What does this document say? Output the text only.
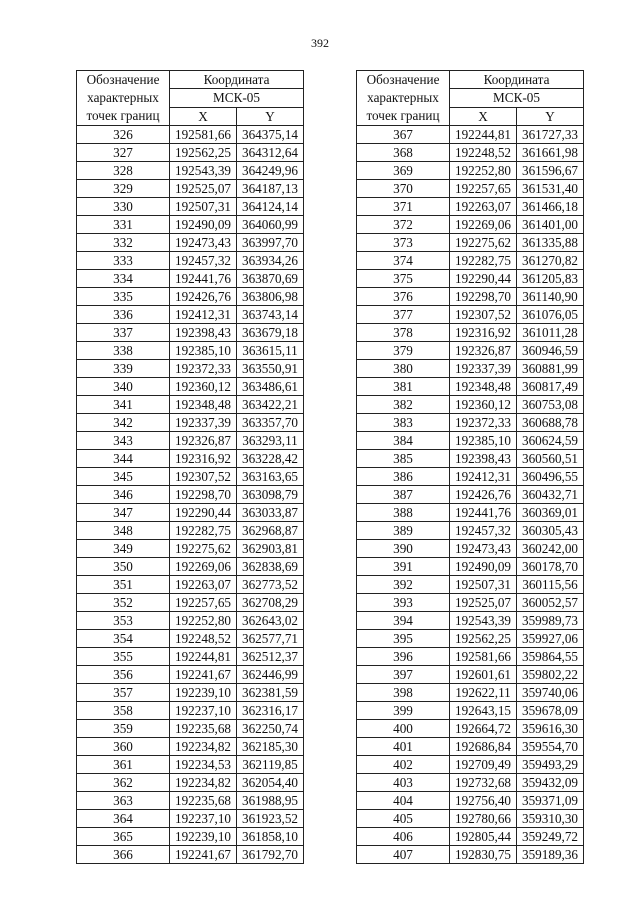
392
Обозначение
характерных
точек границ	Координата	
	МСК-05	
	X	Y
326	192581,66	364375,14
327	192562,25	364312,64
328	192543,39	364249,96
329	192525,07	364187,13
330	192507,31	364124,14
331	192490,09	364060,99
332	192473,43	363997,70
333	192457,32	363934,26
334	192441,76	363870,69
335	192426,76	363806,98
336	192412,31	363743,14
337	192398,43	363679,18
338	192385,10	363615,11
339	192372,33	363550,91
340	192360,12	363486,61
341	192348,48	363422,21
342	192337,39	363357,70
343	192326,87	363293,11
344	192316,92	363228,42
345	192307,52	363163,65
346	192298,70	363098,79
347	192290,44	363033,87
348	192282,75	362968,87
349	192275,62	362903,81
350	192269,06	362838,69
351	192263,07	362773,52
352	192257,65	362708,29
353	192252,80	362643,02
354	192248,52	362577,71
355	192244,81	362512,37
356	192241,67	362446,99
357	192239,10	362381,59
358	192237,10	362316,17
359	192235,68	362250,74
360	192234,82	362185,30
361	192234,53	362119,85
362	192234,82	362054,40
363	192235,68	361988,95
364	192237,10	361923,52
365	192239,10	361858,10
366	192241,67	361792,70
Обозначение
характерных
точек границ	Координата	
	МСК-05	
	X	Y
367	192244,81	361727,33
368	192248,52	361661,98
369	192252,80	361596,67
370	192257,65	361531,40
371	192263,07	361466,18
372	192269,06	361401,00
373	192275,62	361335,88
374	192282,75	361270,82
375	192290,44	361205,83
376	192298,70	361140,90
377	192307,52	361076,05
378	192316,92	361011,28
379	192326,87	360946,59
380	192337,39	360881,99
381	192348,48	360817,49
382	192360,12	360753,08
383	192372,33	360688,78
384	192385,10	360624,59
385	192398,43	360560,51
386	192412,31	360496,55
387	192426,76	360432,71
388	192441,76	360369,01
389	192457,32	360305,43
390	192473,43	360242,00
391	192490,09	360178,70
392	192507,31	360115,56
393	192525,07	360052,57
394	192543,39	359989,73
395	192562,25	359927,06
396	192581,66	359864,55
397	192601,61	359802,22
398	192622,11	359740,06
399	192643,15	359678,09
400	192664,72	359616,30
401	192686,84	359554,70
402	192709,49	359493,29
403	192732,68	359432,09
404	192756,40	359371,09
405	192780,66	359310,30
406	192805,44	359249,72
407	192830,75	359189,36
